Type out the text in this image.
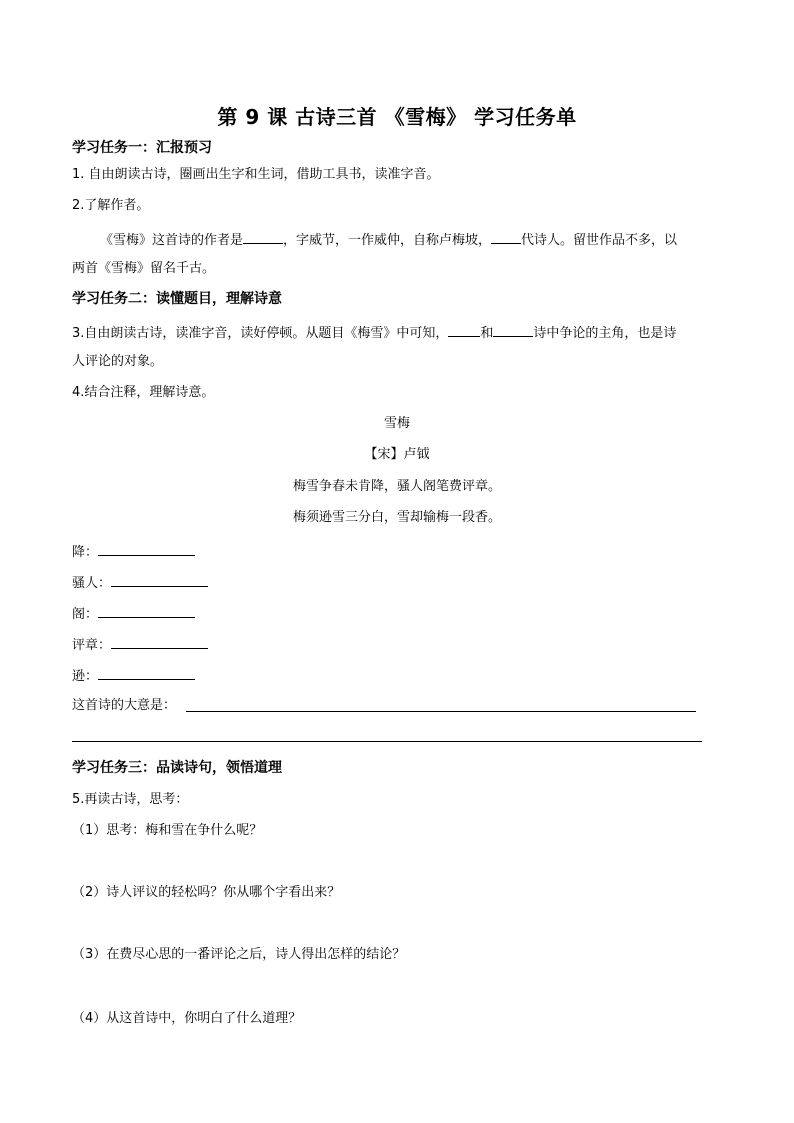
第 9 课 古诗三首 《雪梅》 学习任务单
学习任务一：汇报预习
1. 自由朗读古诗，圈画出生字和生词，借助工具书，读准字音。
2.了解作者。
《雪梅》这首诗的作者是	，字威节，一作威仲，自称卢梅坡， 代诗人。留世作品不多，以
两首《雪梅》留名千古。
学习任务二：读懂题目，理解诗意
3.自由朗读古诗，读准字音，读好停顿。从题目《梅雪》中可知， 和	诗中争论的主角，也是诗
人评论的对象。
4.结合注释，理解诗意。
雪梅
【宋】卢钺
梅雪争春未肯降，骚人阁笔费评章。
梅须逊雪三分白，雪却输梅一段香。
降：
骚人：
阁：
评章：
逊：
这首诗的大意是：
学习任务三：品读诗句，领悟道理
5.再读古诗，思考：
（1）思考：梅和雪在争什么呢？
（2）诗人评议的轻松吗？你从哪个字看出来？
（3）在费尽心思的一番评论之后，诗人得出怎样的结论？
（4）从这首诗中，你明白了什么道理？
